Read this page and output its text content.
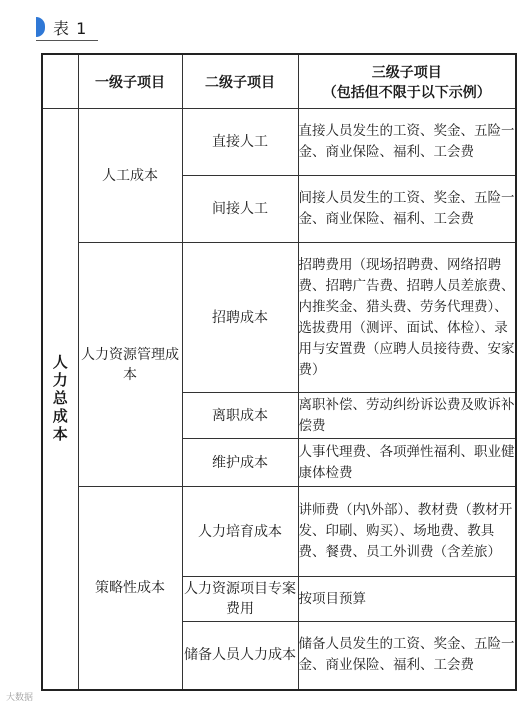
表 1
	一级子项目	二级子项目	三级子项目
（包括但不限于以下示例）

人力总成本	人工成本	直接人工	直接人员发生的工资、奖金、五险一金、商业保险、福利、工会费
		间接人工	间接人员发生的工资、奖金、五险一金、商业保险、福利、工会费
	人力资源管理成本	招聘成本	招聘费用（现场招聘费、网络招聘费、招聘广告费、招聘人员差旅费、内推奖金、猎头费、劳务代理费）、选拔费用（测评、面试、体检）、录用与安置费（应聘人员接待费、安家费）
		离职成本	离职补偿、劳动纠纷诉讼费及败诉补偿费
		维护成本	人事代理费、各项弹性福利、职业健康体检费
	策略性成本	人力培育成本	讲师费（内\外部）、教材费（教材开发、印刷、购买）、场地费、教具费、餐费、员工外训费（含差旅）
		人力资源项目专案费用	按项目预算
		储备人员人力成本	储备人员发生的工资、奖金、五险一金、商业保险、福利、工会费
大数据
